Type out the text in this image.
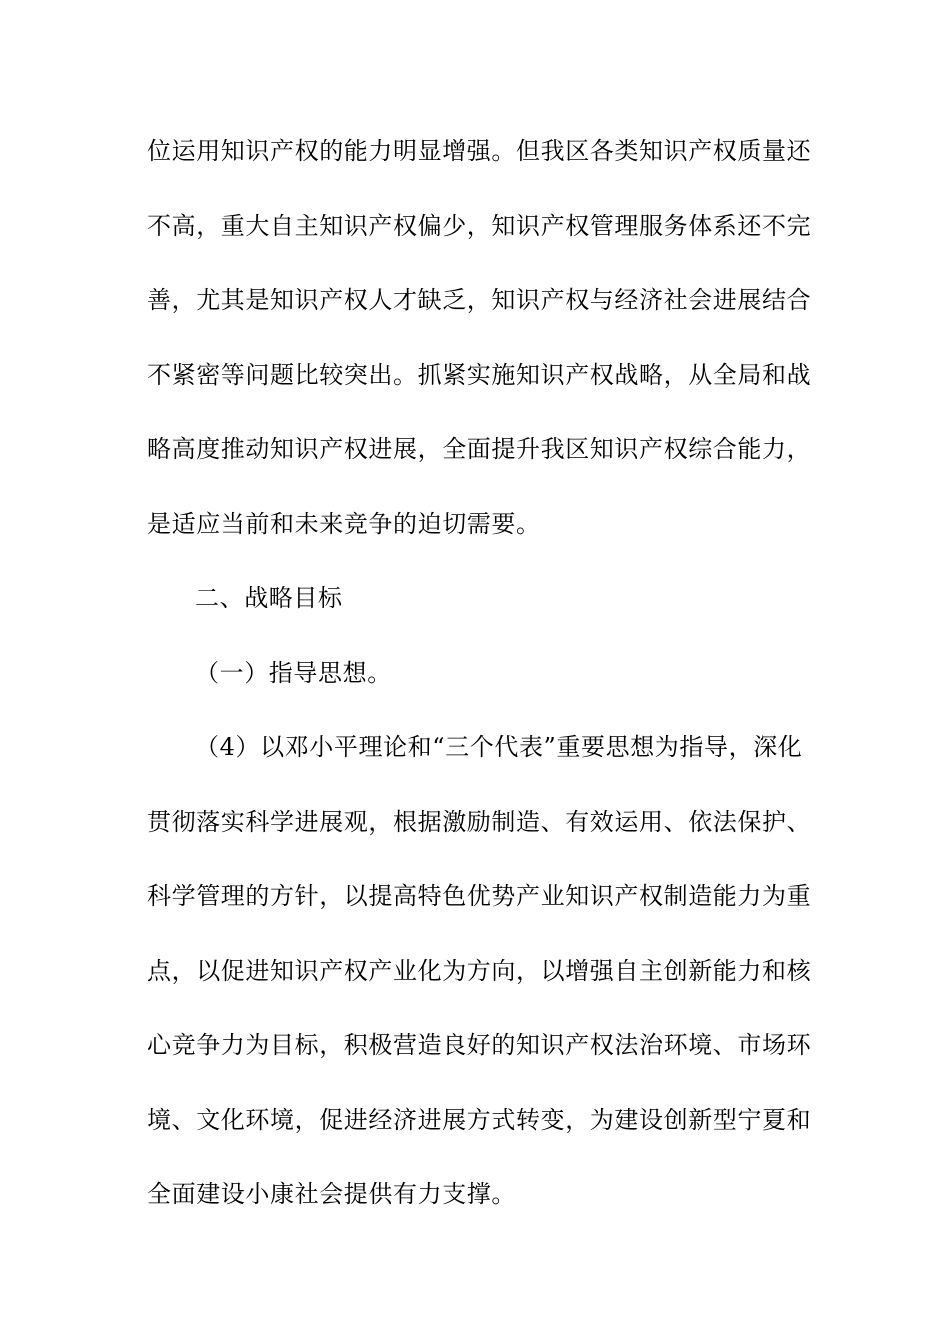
位运用知识产权的能力明显增强。但我区各类知识产权质量还
不高，重大自主知识产权偏少，知识产权管理服务体系还不完
善，尤其是知识产权人才缺乏，知识产权与经济社会进展结合
不紧密等问题比较突出。抓紧实施知识产权战略，从全局和战
略高度推动知识产权进展，全面提升我区知识产权综合能力，
是适应当前和未来竞争的迫切需要。
二、战略目标
（一）指导思想。
（4）以邓小平理论和“三个代表”重要思想为指导，深化
贯彻落实科学进展观，根据激励制造、有效运用、依法保护、
科学管理的方针，以提高特色优势产业知识产权制造能力为重
点，以促进知识产权产业化为方向，以增强自主创新能力和核
心竞争力为目标，积极营造良好的知识产权法治环境、市场环
境、文化环境，促进经济进展方式转变，为建设创新型宁夏和
全面建设小康社会提供有力支撑。
